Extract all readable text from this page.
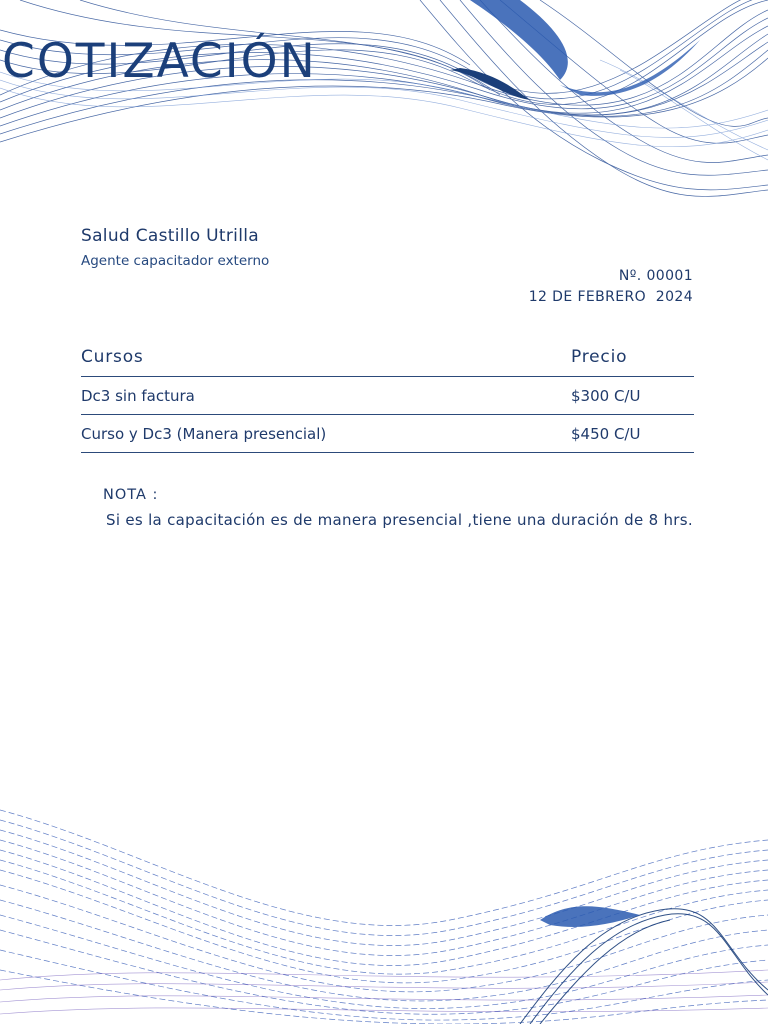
COTIZACIÓN
Salud Castillo Utrilla
Agente capacitador externo
Nº. 00001
12 DE FEBRERO  2024
Cursos	Precio
Dc3 sin factura	$300 C/U
Curso y Dc3 (Manera presencial)	$450 C/U
NOTA :
Si es la capacitación es de manera presencial ,tiene una duración de 8 hrs.
